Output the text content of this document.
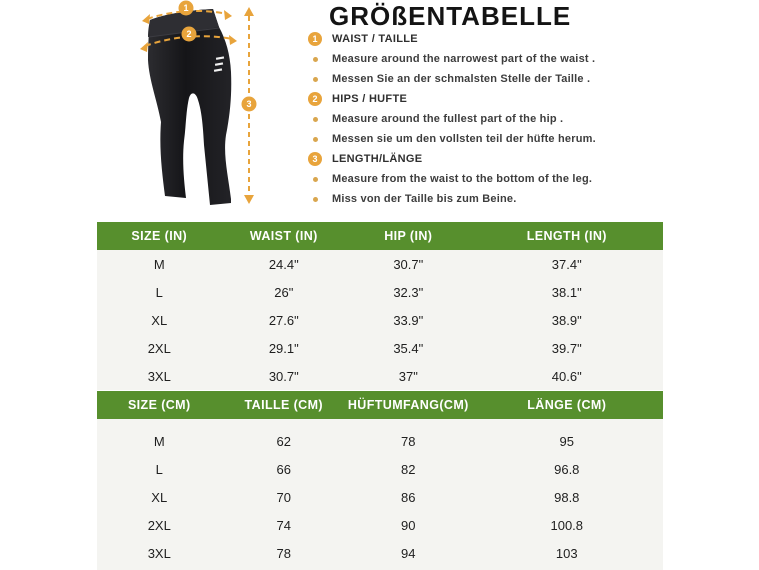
1
2
3
GRÖßENTABELLE
1	WAIST / TAILLE
Measure around the narrowest part of the waist .
Messen Sie an der schmalsten Stelle der Taille .
2	HIPS / HUFTE
Measure around the fullest part of the hip .
Messen sie um den vollsten teil der hüfte herum.
3	LENGTH/LÄNGE
Measure from the waist to the bottom of the leg.
Miss von der Taille bis zum Beine.
SIZE (IN)	WAIST (IN)	HIP (IN)	LENGTH (IN)
M	24.4"	30.7"	37.4"
L	26"	32.3"	38.1"
XL	27.6"	33.9"	38.9"
2XL	29.1"	35.4"	39.7"
3XL	30.7"	37"	40.6"
SIZE (CM)	TAILLE (CM)	HÜFTUMFANG(CM)	LÄNGE (CM)
M	62	78	95
L	66	82	96.8
XL	70	86	98.8
2XL	74	90	100.8
3XL	78	94	103
